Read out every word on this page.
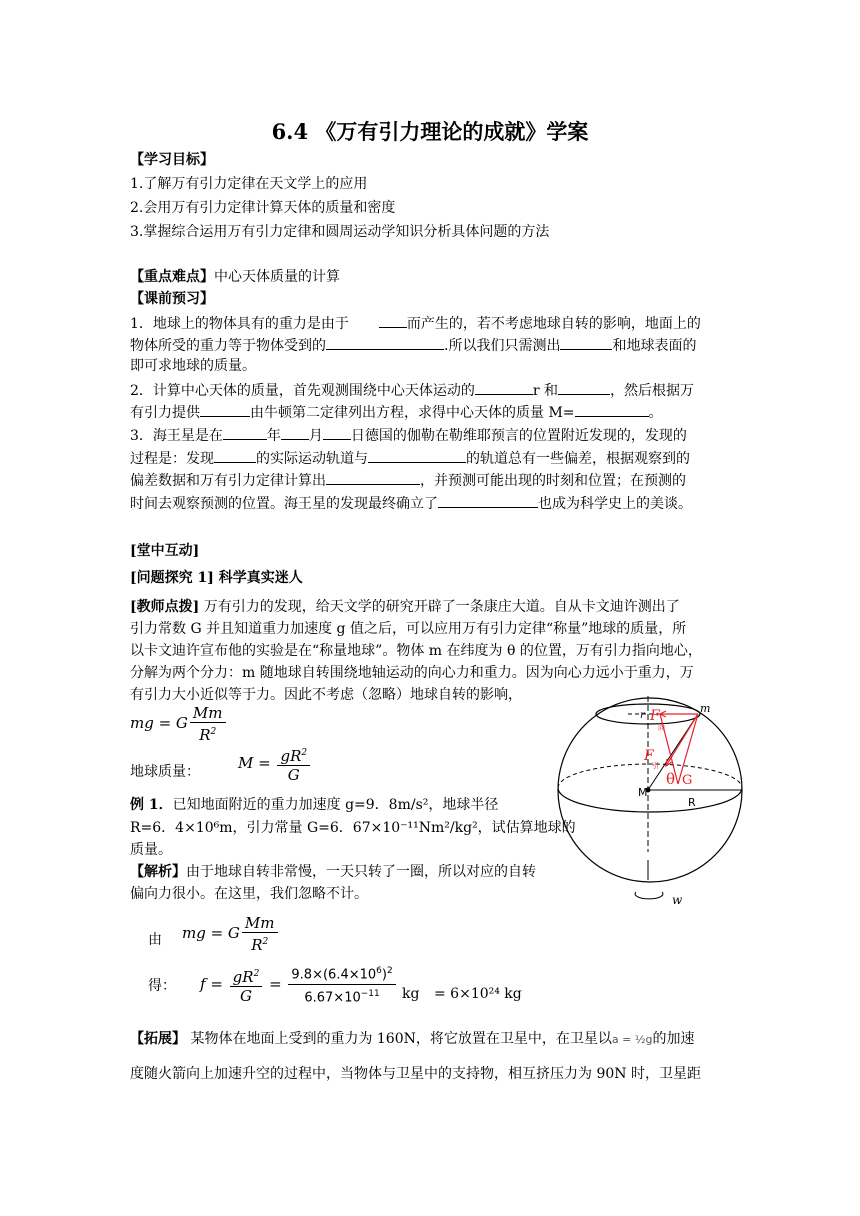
6.4 《万有引力理论的成就》学案
【学习目标】
1.了解万有引力定律在天文学上的应用
2.会用万有引力定律计算天体的质量和密度
3.掌握综合运用万有引力定律和圆周运动学知识分析具体问题的方法
【重点难点】中心天体质量的计算
【课前预习】
1．地球上的物体具有的重力是由于	而产生的，若不考虑地球自转的影响，地面上的
物体所受的重力等于物体受到的	.所以我们只需测出	和地球表面的
即可求地球的质量。
2．计算中心天体的质量，首先观测围绕中心天体运动的	r 和	，然后根据万
有引力提供	由牛顿第二定律列出方程，求得中心天体的质量 M=	。
3．海王星是在	年 月 日德国的伽勒在勒维耶预言的位置附近发现的，发现的
过程是：发现	的实际运动轨道与	的轨道总有一些偏差，根据观察到的
偏差数据和万有引力定律计算出	，并预测可能出现的时刻和位置；在预测的
时间去观察预测的位置。海王星的发现最终确立了	也成为科学史上的美谈。
[堂中互动]
[问题探究 1] 科学真实迷人
[教师点拨] 万有引力的发现，给天文学的研究开辟了一条康庄大道。自从卡文迪许测出了
引力常数 G 并且知道重力加速度 g 值之后，可以应用万有引力定律“称量”地球的质量，所
以卡文迪许宣布他的实验是在“称量地球”。物体 m 在纬度为 θ 的位置，万有引力指向地心，
分解为两个分力：m 随地球自转围绕地轴运动的向心力和重力。因为向心力远小于重力，万
有引力大小近似等于力。因此不考虑（忽略）地球自转的影响，
mg = G $\frac{Mm}{R^2}$
地球质量：	$M = \frac{gR^2}{G}$
例 1．已知地面附近的重力加速度 g=9．8m/s²，地球半径
R=6．4×10⁶m，引力常量 G=6．67×10⁻¹¹Nm²/kg²，试估算地球的
质量。
【解析】由于地球自转非常慢，一天只转了一圈，所以对应的自转
偏向力很小。在这里，我们忽略不计。
由 mg = G $\frac{Mm}{R^2}$
得： $f = \frac{gR^2}{G} = \frac{9.8\times(6.4\times 10^6)^2}{6.67\times 10^{-11}}$ kg = 6×10²⁴ kg
【拓展】 某物体在地面上受到的重力为 160N，将它放置在卫星中，在卫星以a = ½g的加速
度随火箭向上加速升空的过程中，当物体与卫星中的支持物，相互挤压力为 90N 时，卫星距
m
M
R
r F
向
F
引
θ G
w
